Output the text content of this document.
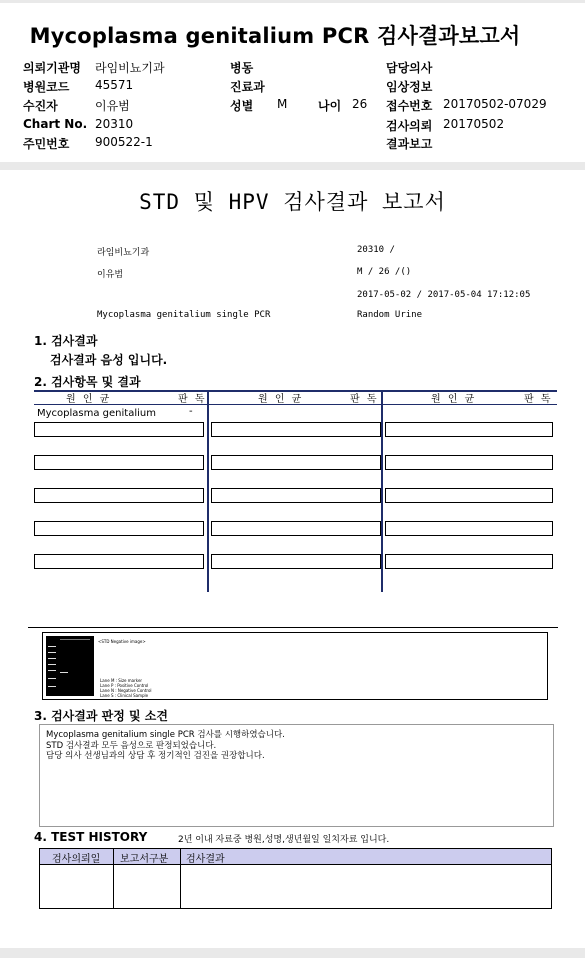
Mycoplasma genitalium PCR 검사결과보고서
의뢰기관명 라임비뇨기과
병원코드 45571
수진자	이유범
Chart No. 20310
주민번호 900522-1
병동
진료과
성별 M	나이 26
담당의사
임상정보
접수번호 20170502-07029
검사의뢰 20170502
결과보고
STD 및 HPV 검사결과 보고서
라임비뇨기과	20310 /
이유범	M / 26 /()
2017-05-02 / 2017-05-04 17:12:05
Mycoplasma genitalium single PCR	Random Urine
1. 검사결과
검사결과 음성 입니다.
2. 검사항목 및 결과
원 인 균	판 독	원 인 균	판 독	원 인 균	판 독
Mycoplasma genitalium	-
<STD Negative image>
Lane M : Size marker
Lane P : Positive Control
Lane N : Negative Control
Lane S : Clinical Sample
3. 검사결과 판정 및 소견
Mycoplasma genitalium single PCR 검사를 시행하였습니다.
STD 검사결과 모두 음성으로 판정되었습니다.
담당 의사 선생님과의 상담 후 정기적인 검진을 권장합니다.
4. TEST HISTORY	2년 이내 자료중 병원,성명,생년월일 일치자료 입니다.
검사의뢰일 보고서구분 검사결과
